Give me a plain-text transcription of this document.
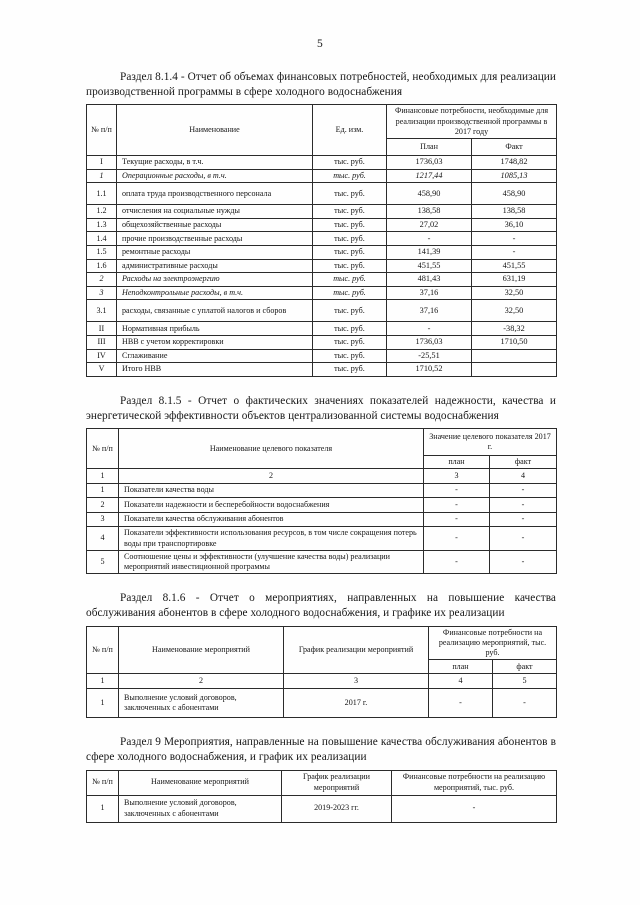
5

Раздел 8.1.4 - Отчет об объемах финансовых потребностей, необходимых для реализации производственной программы в сфере холодного водоснабжения

№ п/п	Наименование	Ед. изм.	Финансовые потребности, необходимые для реализации производственной программы в 2017 году	
			План	Факт

I	Текущие расходы, в т.ч.	тыс. руб.	1736,03	1748,82
1	Операционные расходы, в т.ч.	тыс. руб.	1217,44	1085,13
1.1	оплата труда производственного персонала	тыс. руб.	458,90	458,90
1.2	отчисления на социальные нужды	тыс. руб.	138,58	138,58
1.3	общехозяйственные расходы	тыс. руб.	27,02	36,10
1.4	прочие производственные расходы	тыс. руб.	-	-
1.5	ремонтные расходы	тыс. руб.	141,39	-
1.6	административные расходы	тыс. руб.	451,55	451,55
2	Расходы на электроэнергию	тыс. руб.	481,43	631,19
3	Неподконтрольные расходы, в т.ч.	тыс. руб.	37,16	32,50
3.1	расходы, связанные с уплатой налогов и сборов	тыс. руб.	37,16	32,50
II	Нормативная прибыль	тыс. руб.	-	-38,32
III	НВВ с учетом корректировки	тыс. руб.	1736,03	1710,50
IV	Сглаживание	тыс. руб.	-25,51	
V	Итого НВВ	тыс. руб.	1710,52	

Раздел 8.1.5 - Отчет о фактических значениях показателей надежности, качества и энергетической эффективности объектов централизованной системы водоснабжения

№ п/п	Наименование целевого показателя	Значение целевого показателя 2017 г.	
		план	факт
1	2	3	4
1	Показатели качества воды	-	-
2	Показатели надежности и бесперебойности водоснабжения	-	-
3	Показатели качества обслуживания абонентов	-	-
4	Показатели эффективности использования ресурсов, в том числе сокращения потерь воды при транспортировке	-	-
5	Соотношение цены и эффективности (улучшение качества воды) реализации мероприятий инвестиционной программы	-	-

Раздел 8.1.6 - Отчет о мероприятиях, направленных на повышение качества обслуживания абонентов в сфере холодного водоснабжения, и графике их реализации

№ п/п	Наименование мероприятий	График реализации мероприятий	Финансовые потребности на реализацию мероприятий, тыс. руб.	
			план	факт
1	2	3	4	5
1	Выполнение условий договоров, заключенных с абонентами	2017 г.	-	-

Раздел 9 Мероприятия, направленные на повышение качества обслуживания абонентов в сфере холодного водоснабжения, и график их реализации

№ п/п	Наименование мероприятий	График реализации мероприятий	Финансовые потребности на реализацию мероприятий, тыс. руб.
1	Выполнение условий договоров, заключенных с абонентами	2019-2023 гг.	-
